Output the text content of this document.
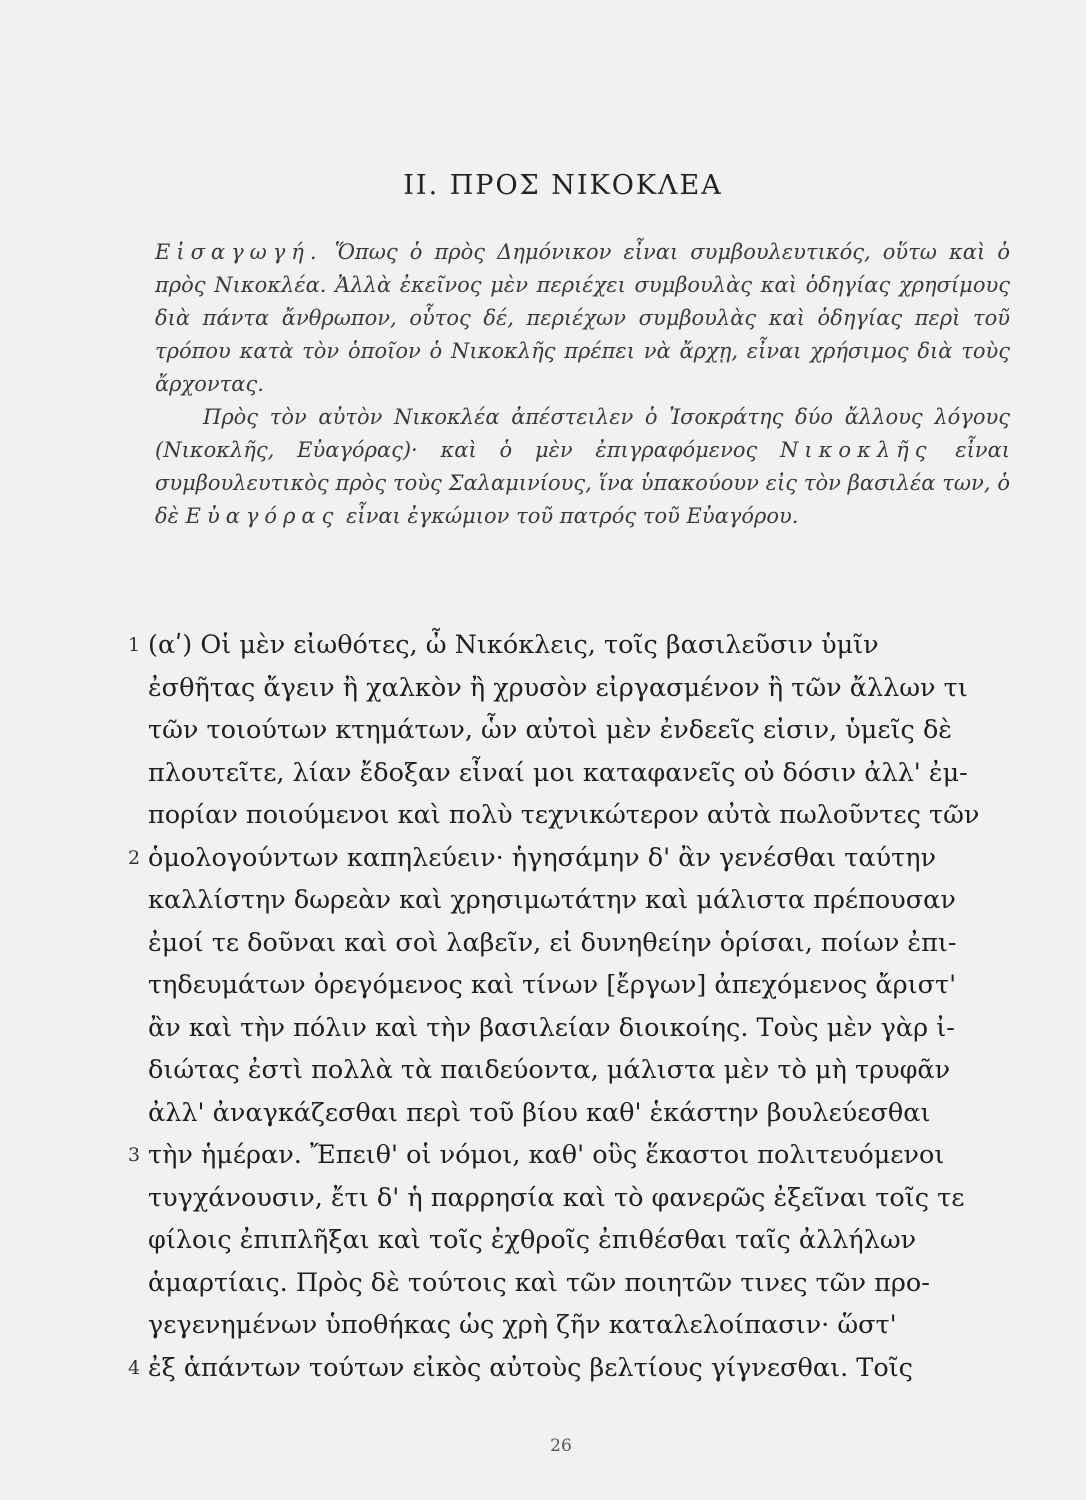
II. ΠΡΟΣ ΝΙΚΟΚΛΕΑ

Εἰσαγωγή. Ὅπως ὁ πρὸς Δημόνικον εἶναι συμβουλευτικός, οὕτω καὶ ὁ πρὸς Νικοκλέα. Ἀλλὰ ἐκεῖνος μὲν περιέχει συμβουλὰς καὶ ὁδηγίας χρησίμους διὰ πάντα ἄνθρωπον, οὗτος δέ, περιέχων συμβουλὰς καὶ ὁδηγίας περὶ τοῦ τρόπου κατὰ τὸν ὁποῖον ὁ Νικοκλῆς πρέπει νὰ ἄρχῃ, εἶναι χρήσιμος διὰ τοὺς ἄρχοντας.

Πρὸς τὸν αὐτὸν Νικοκλέα ἀπέστειλεν ὁ Ἰσοκράτης δύο ἄλλους λόγους (Νικοκλῆς, Εὐαγόρας)· καὶ ὁ μὲν ἐπιγραφόμενος Νικοκλῆς εἶναι συμβουλευτικὸς πρὸς τοὺς Σαλαμινίους, ἵνα ὑπακούουν εἰς τὸν βασιλέα των, ὁ δὲ Εὐαγόρας εἶναι ἐγκώμιον τοῦ πατρός τοῦ Εὐαγόρου.

1 (αʹ) Οἱ μὲν εἰωθότες, ὦ Νικόκλεις, τοῖς βασιλεῦσιν ὑμῖν
ἐσθῆτας ἄγειν ἢ χαλκὸν ἢ χρυσὸν εἰργασμένον ἢ τῶν ἄλλων τι
τῶν τοιούτων κτημάτων, ὧν αὐτοὶ μὲν ἐνδεεῖς εἰσιν, ὑμεῖς δὲ
πλουτεῖτε, λίαν ἔδοξαν εἶναί μοι καταφανεῖς οὐ δόσιν ἀλλ' ἐμ-
πορίαν ποιούμενοι καὶ πολὺ τεχνικώτερον αὐτὰ πωλοῦντες τῶν
2 ὁμολογούντων καπηλεύειν· ἡγησάμην δ' ἂν γενέσθαι ταύτην
καλλίστην δωρεὰν καὶ χρησιμωτάτην καὶ μάλιστα πρέπουσαν
ἐμοί τε δοῦναι καὶ σοὶ λαβεῖν, εἰ δυνηθείην ὁρίσαι, ποίων ἐπι-
τηδευμάτων ὀρεγόμενος καὶ τίνων [ἔργων] ἀπεχόμενος ἄριστ'
ἂν καὶ τὴν πόλιν καὶ τὴν βασιλείαν διοικοίης. Τοὺς μὲν γὰρ ἰ-
διώτας ἐστὶ πολλὰ τὰ παιδεύοντα, μάλιστα μὲν τὸ μὴ τρυφᾶν
ἀλλ' ἀναγκάζεσθαι περὶ τοῦ βίου καθ' ἑκάστην βουλεύεσθαι
3 τὴν ἡμέραν. Ἔπειθ' οἱ νόμοι, καθ' οὓς ἕκαστοι πολιτευόμενοι
τυγχάνουσιν, ἔτι δ' ἡ παρρησία καὶ τὸ φανερῶς ἐξεῖναι τοῖς τε
φίλοις ἐπιπλῆξαι καὶ τοῖς ἐχθροῖς ἐπιθέσθαι ταῖς ἀλλήλων
ἁμαρτίαις. Πρὸς δὲ τούτοις καὶ τῶν ποιητῶν τινες τῶν προ-
γεγενημένων ὑποθήκας ὡς χρὴ ζῆν καταλελοίπασιν· ὥστ'
4 ἐξ ἁπάντων τούτων εἰκὸς αὐτοὺς βελτίους γίγνεσθαι. Τοῖς
26
